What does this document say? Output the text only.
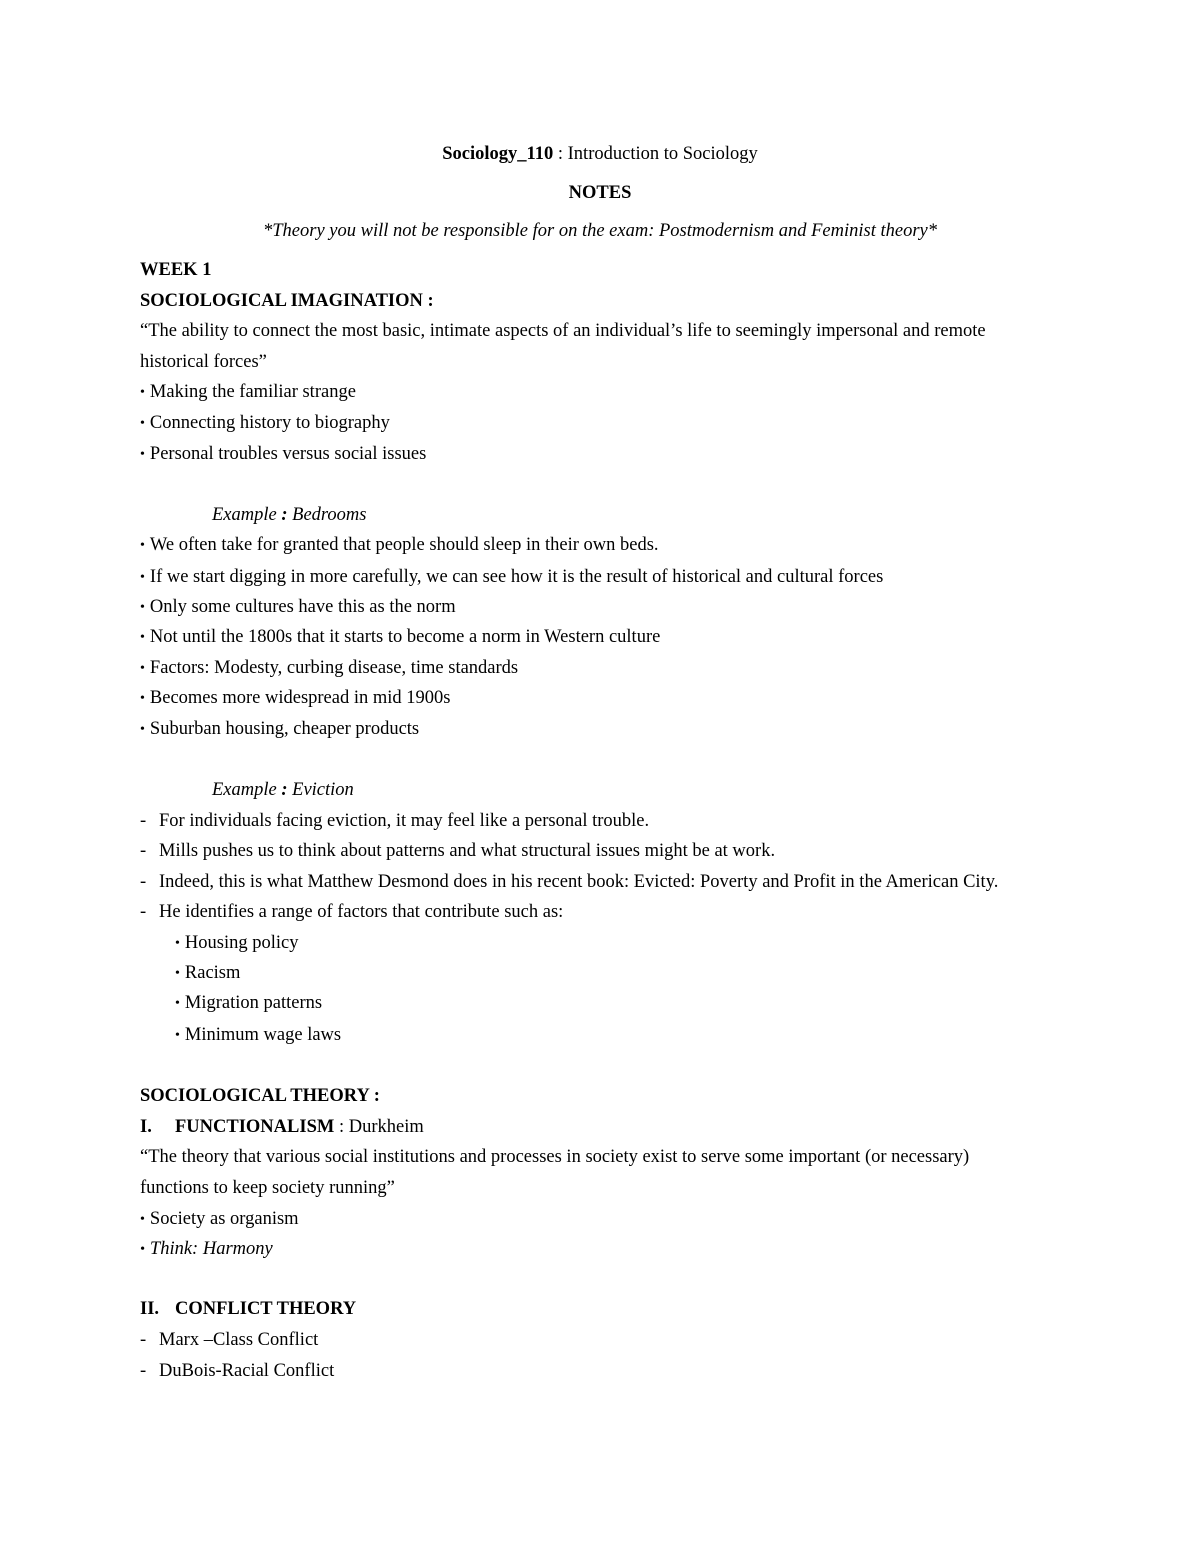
Sociology_110 : Introduction to Sociology
NOTES
*Theory you will not be responsible for on the exam: Postmodernism and Feminist theory*
WEEK 1
SOCIOLOGICAL IMAGINATION :
“The ability to connect the most basic, intimate aspects of an individual’s life to seemingly impersonal and remote
historical forces”
• Making the familiar strange
• Connecting history to biography
• Personal troubles versus social issues
Example : Bedrooms
• We often take for granted that people should sleep in their own beds.
• If we start digging in more carefully, we can see how it is the result of historical and cultural forces
• Only some cultures have this as the norm
• Not until the 1800s that it starts to become a norm in Western culture
• Factors: Modesty, curbing disease, time standards
• Becomes more widespread in mid 1900s
• Suburban housing, cheaper products
Example : Eviction
- For individuals facing eviction, it may feel like a personal trouble.
- Mills pushes us to think about patterns and what structural issues might be at work.
- Indeed, this is what Matthew Desmond does in his recent book: Evicted: Poverty and Profit in the American City.
- He identifies a range of factors that contribute such as:
• Housing policy
• Racism
• Migration patterns
• Minimum wage laws
SOCIOLOGICAL THEORY :
I. FUNCTIONALISM : Durkheim
“The theory that various social institutions and processes in society exist to serve some important (or necessary)
functions to keep society running”
• Society as organism
• Think: Harmony
II. CONFLICT THEORY
- Marx –Class Conflict
- DuBois-Racial Conflict
